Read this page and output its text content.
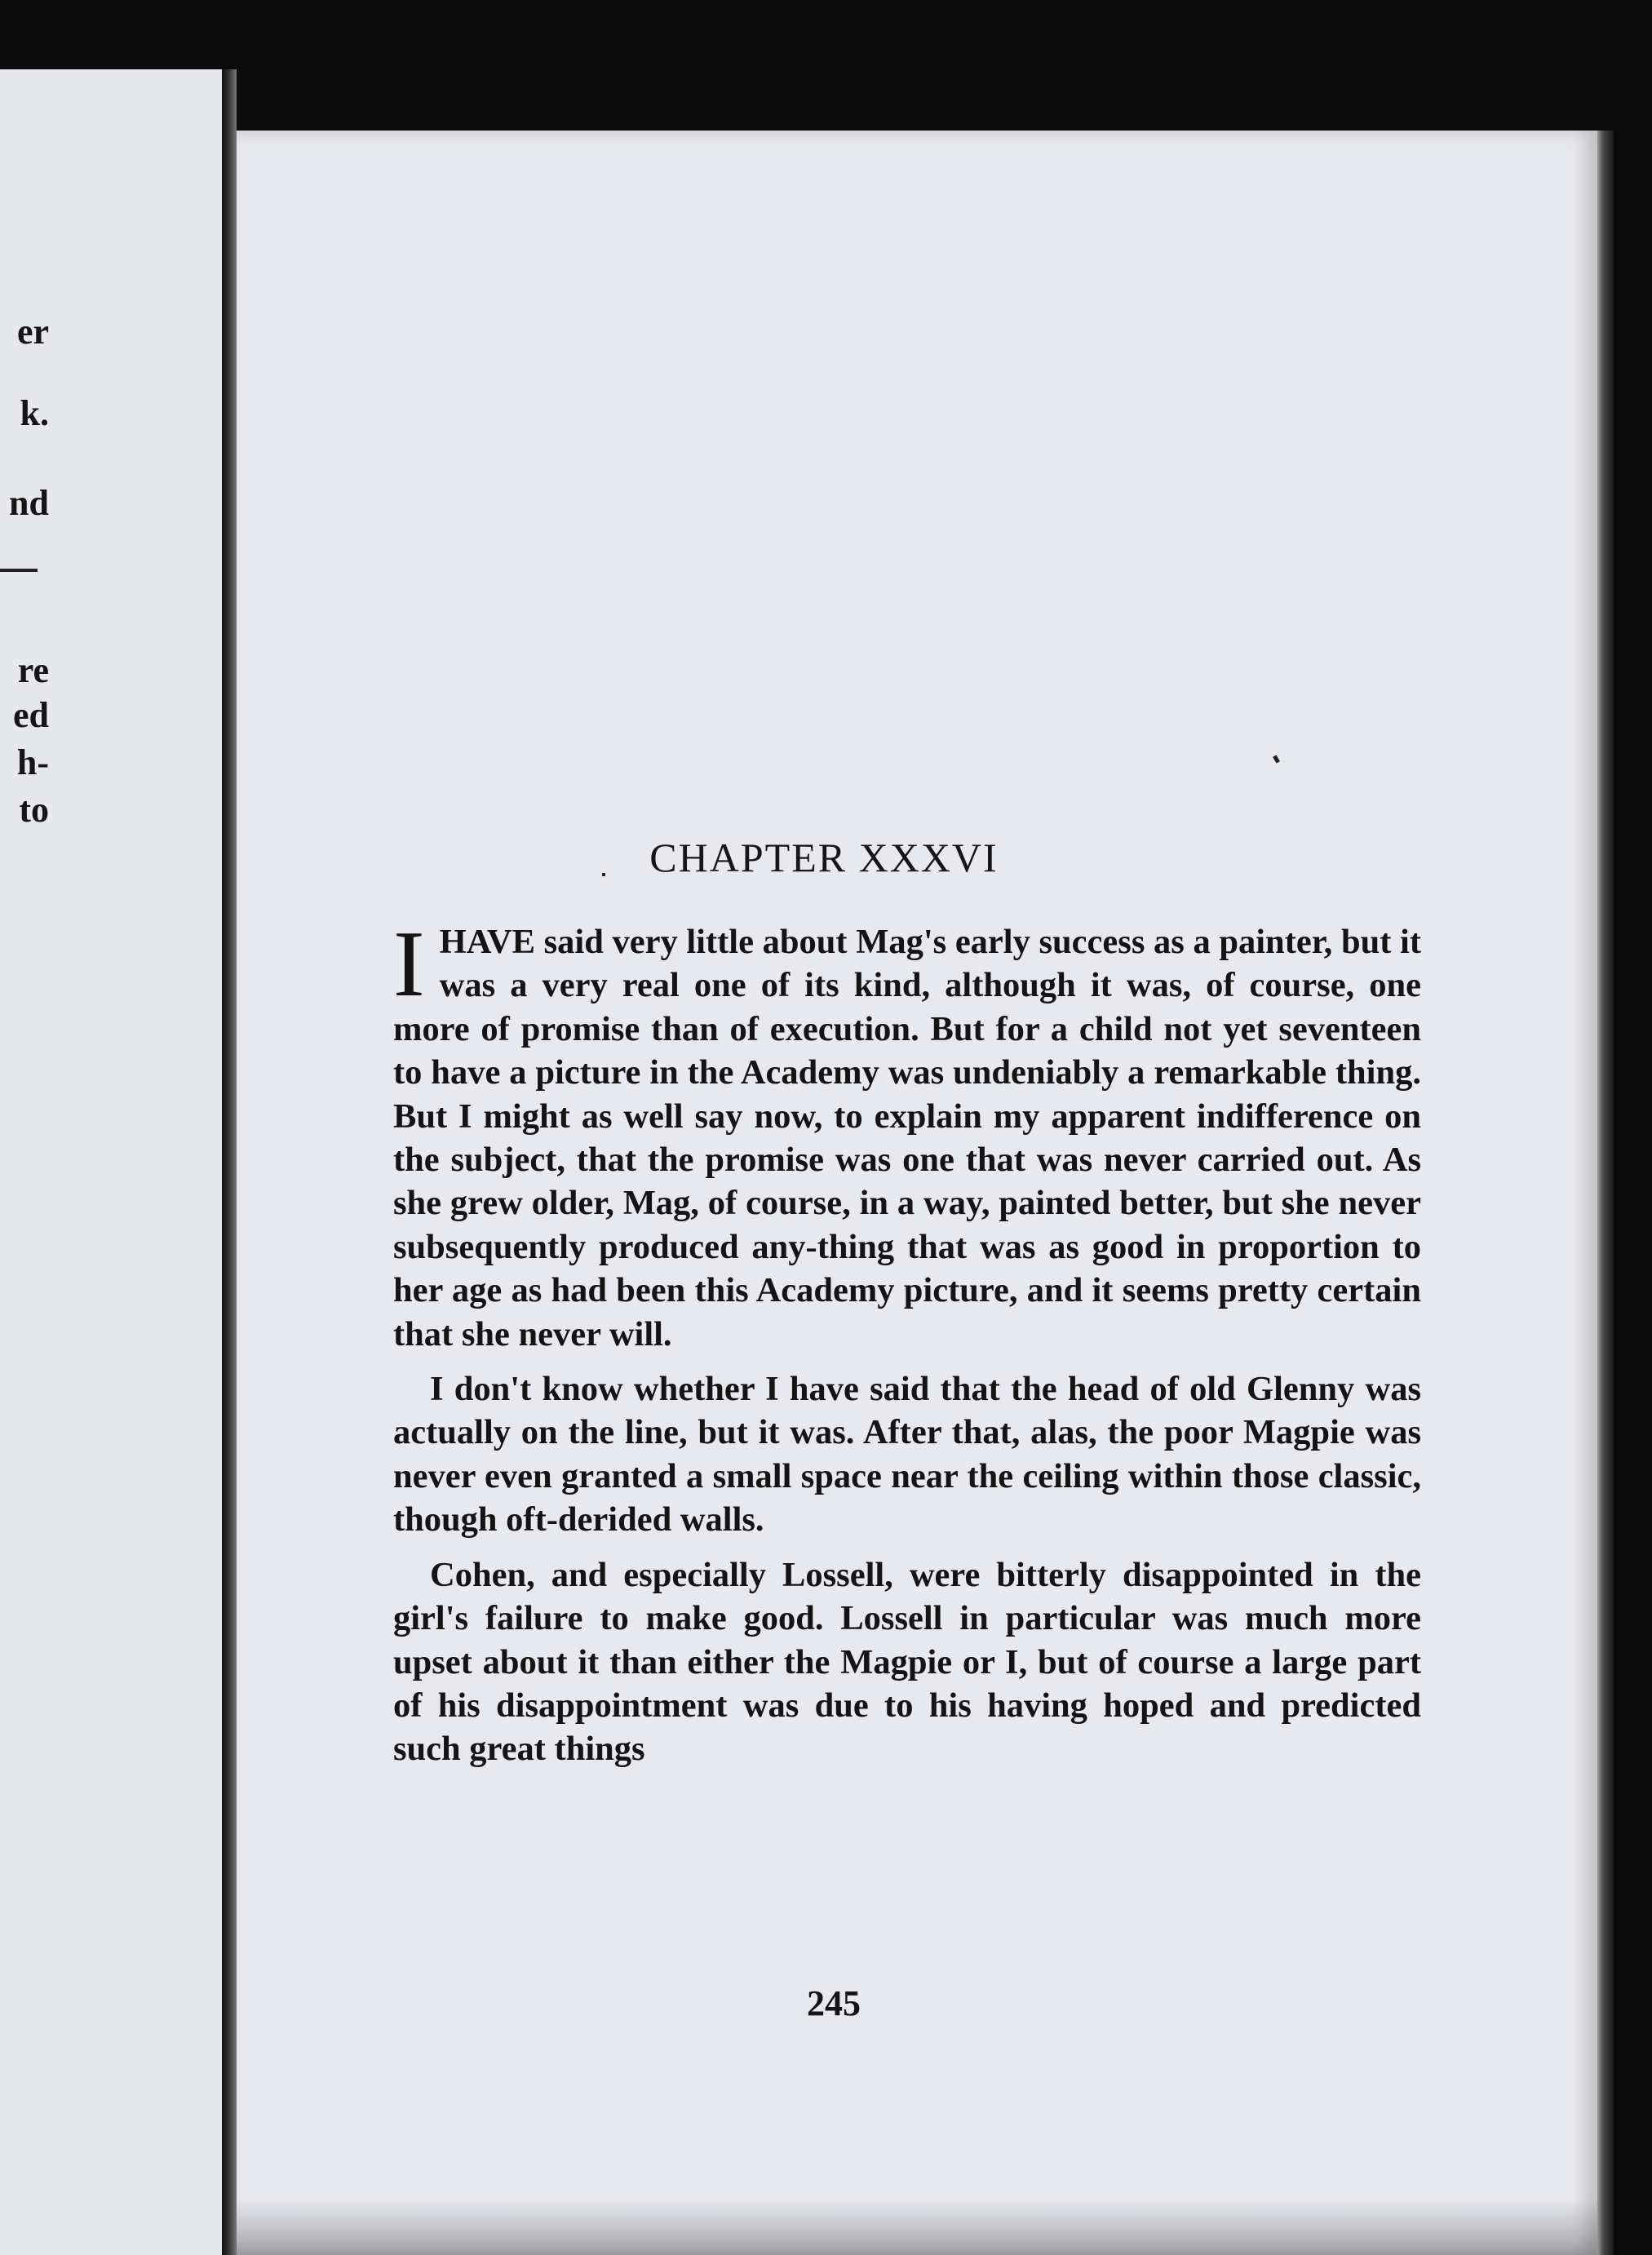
er
k.
nd
re
ed
h-
to
CHAPTER XXXVI

IHAVE said very little about Mag's early success as a painter, but it was a very real one of its kind, although it was, of course, one more of promise than of execution. But for a child not yet seventeen to have a picture in the Academy was undeniably a remarkable thing. But I might as well say now, to explain my apparent indifference on the subject, that the promise was one that was never carried out. As she grew older, Mag, of course, in a way, painted better, but she never subsequently produced any-thing that was as good in proportion to her age as had been this Academy picture, and it seems pretty certain that she never will.

I don't know whether I have said that the head of old Glenny was actually on the line, but it was. After that, alas, the poor Magpie was never even granted a small space near the ceiling within those classic, though oft-derided walls.

Cohen, and especially Lossell, were bitterly disappointed in the girl's failure to make good. Lossell in particular was much more upset about it than either the Magpie or I, but of course a large part of his disappointment was due to his having hoped and predicted such great things

245
